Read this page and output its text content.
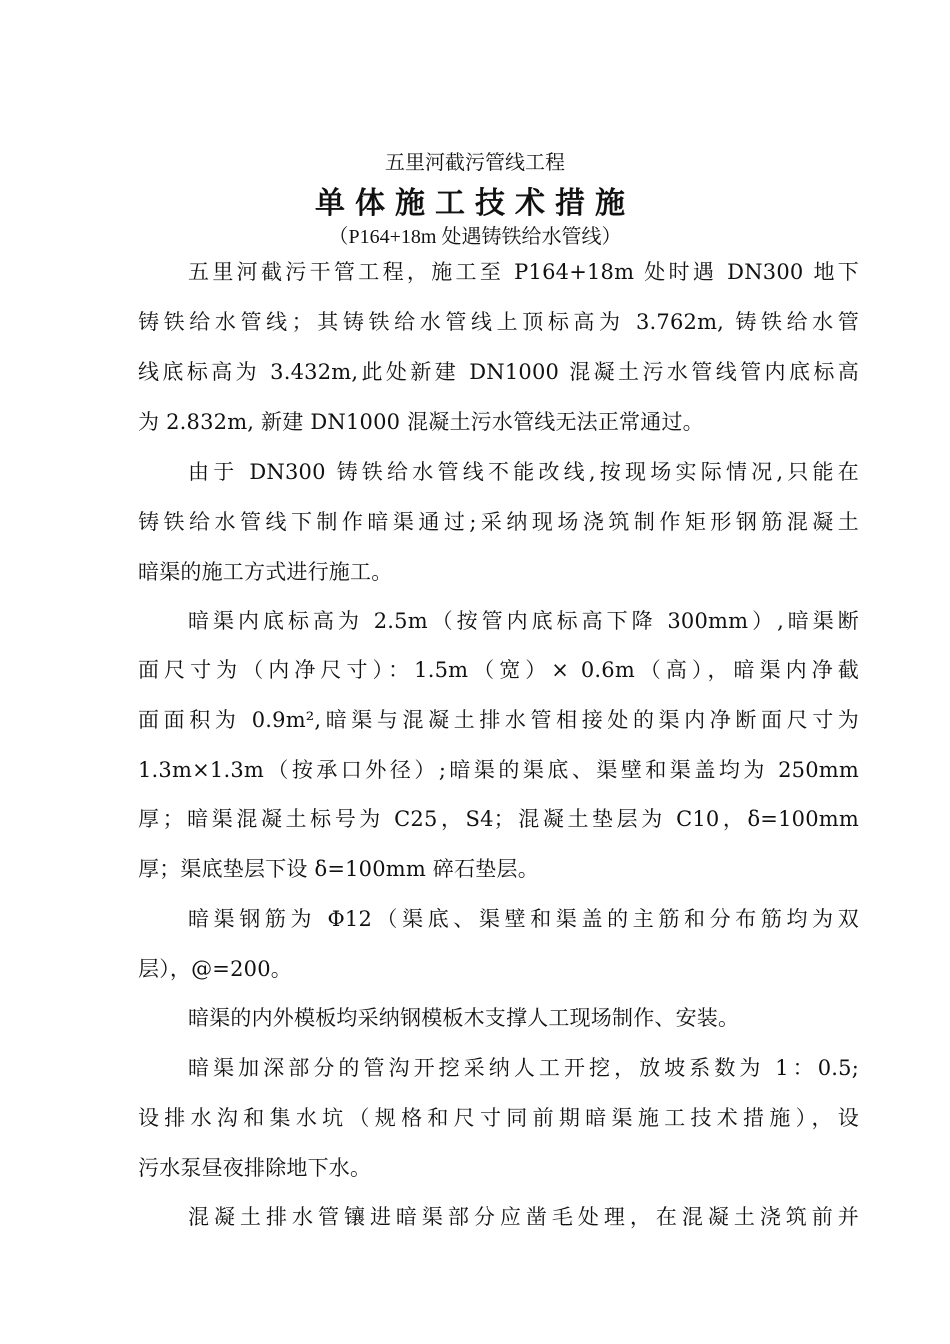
五里河截污管线工程
单体施工技术措施
（P164+18m 处遇铸铁给水管线）
五里河截污干管工程，施工至 P164+18m 处时遇 DN300 地下
铸铁给水管线；其铸铁给水管线上顶标高为 3.762m, 铸铁给水管
线底标高为 3.432m,此处新建 DN1000 混凝土污水管线管内底标高
为 2.832m, 新建 DN1000 混凝土污水管线无法正常通过。
由于 DN300 铸铁给水管线不能改线,按现场实际情况,只能在
铸铁给水管线下制作暗渠通过;采纳现场浇筑制作矩形钢筋混凝土
暗渠的施工方式进行施工。
暗渠内底标高为 2.5m（按管内底标高下降 300mm）,暗渠断
面尺寸为（内净尺寸）：1.5m（宽）× 0.6m（高），暗渠内净截
面面积为 0.9m²,暗渠与混凝土排水管相接处的渠内净断面尺寸为
1.3m×1.3m（按承口外径）;暗渠的渠底、渠壁和渠盖均为 250mm
厚；暗渠混凝土标号为 C25，S4；混凝土垫层为 C10，δ=100mm
厚；渠底垫层下设 δ=100mm 碎石垫层。
暗渠钢筋为 Φ12（渠底、渠壁和渠盖的主筋和分布筋均为双
层），@=200。
暗渠的内外模板均采纳钢模板木支撑人工现场制作、安装。
暗渠加深部分的管沟开挖采纳人工开挖，放坡系数为 1：0.5;
设排水沟和集水坑（规格和尺寸同前期暗渠施工技术措施），设
污水泵昼夜排除地下水。
混凝土排水管镶进暗渠部分应凿毛处理，在混凝土浇筑前并
